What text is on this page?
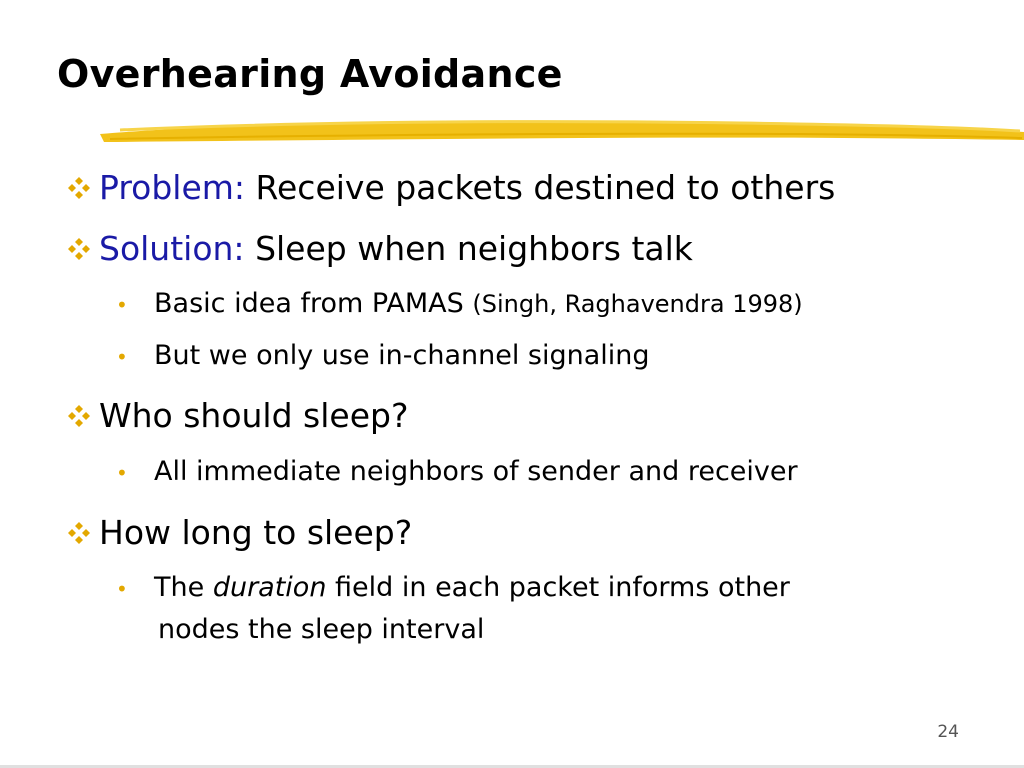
Overhearing Avoidance
Problem:
Receive packets destined to others
Solution:
Sleep when neighbors talk
• Basic idea from PAMAS
(Singh, Raghavendra 1998)
• But we only use in-channel signaling
Who should sleep?
• All immediate neighbors of sender and receiver
How long to sleep?
• The
duration
field in each packet informs other
nodes the sleep interval
24
